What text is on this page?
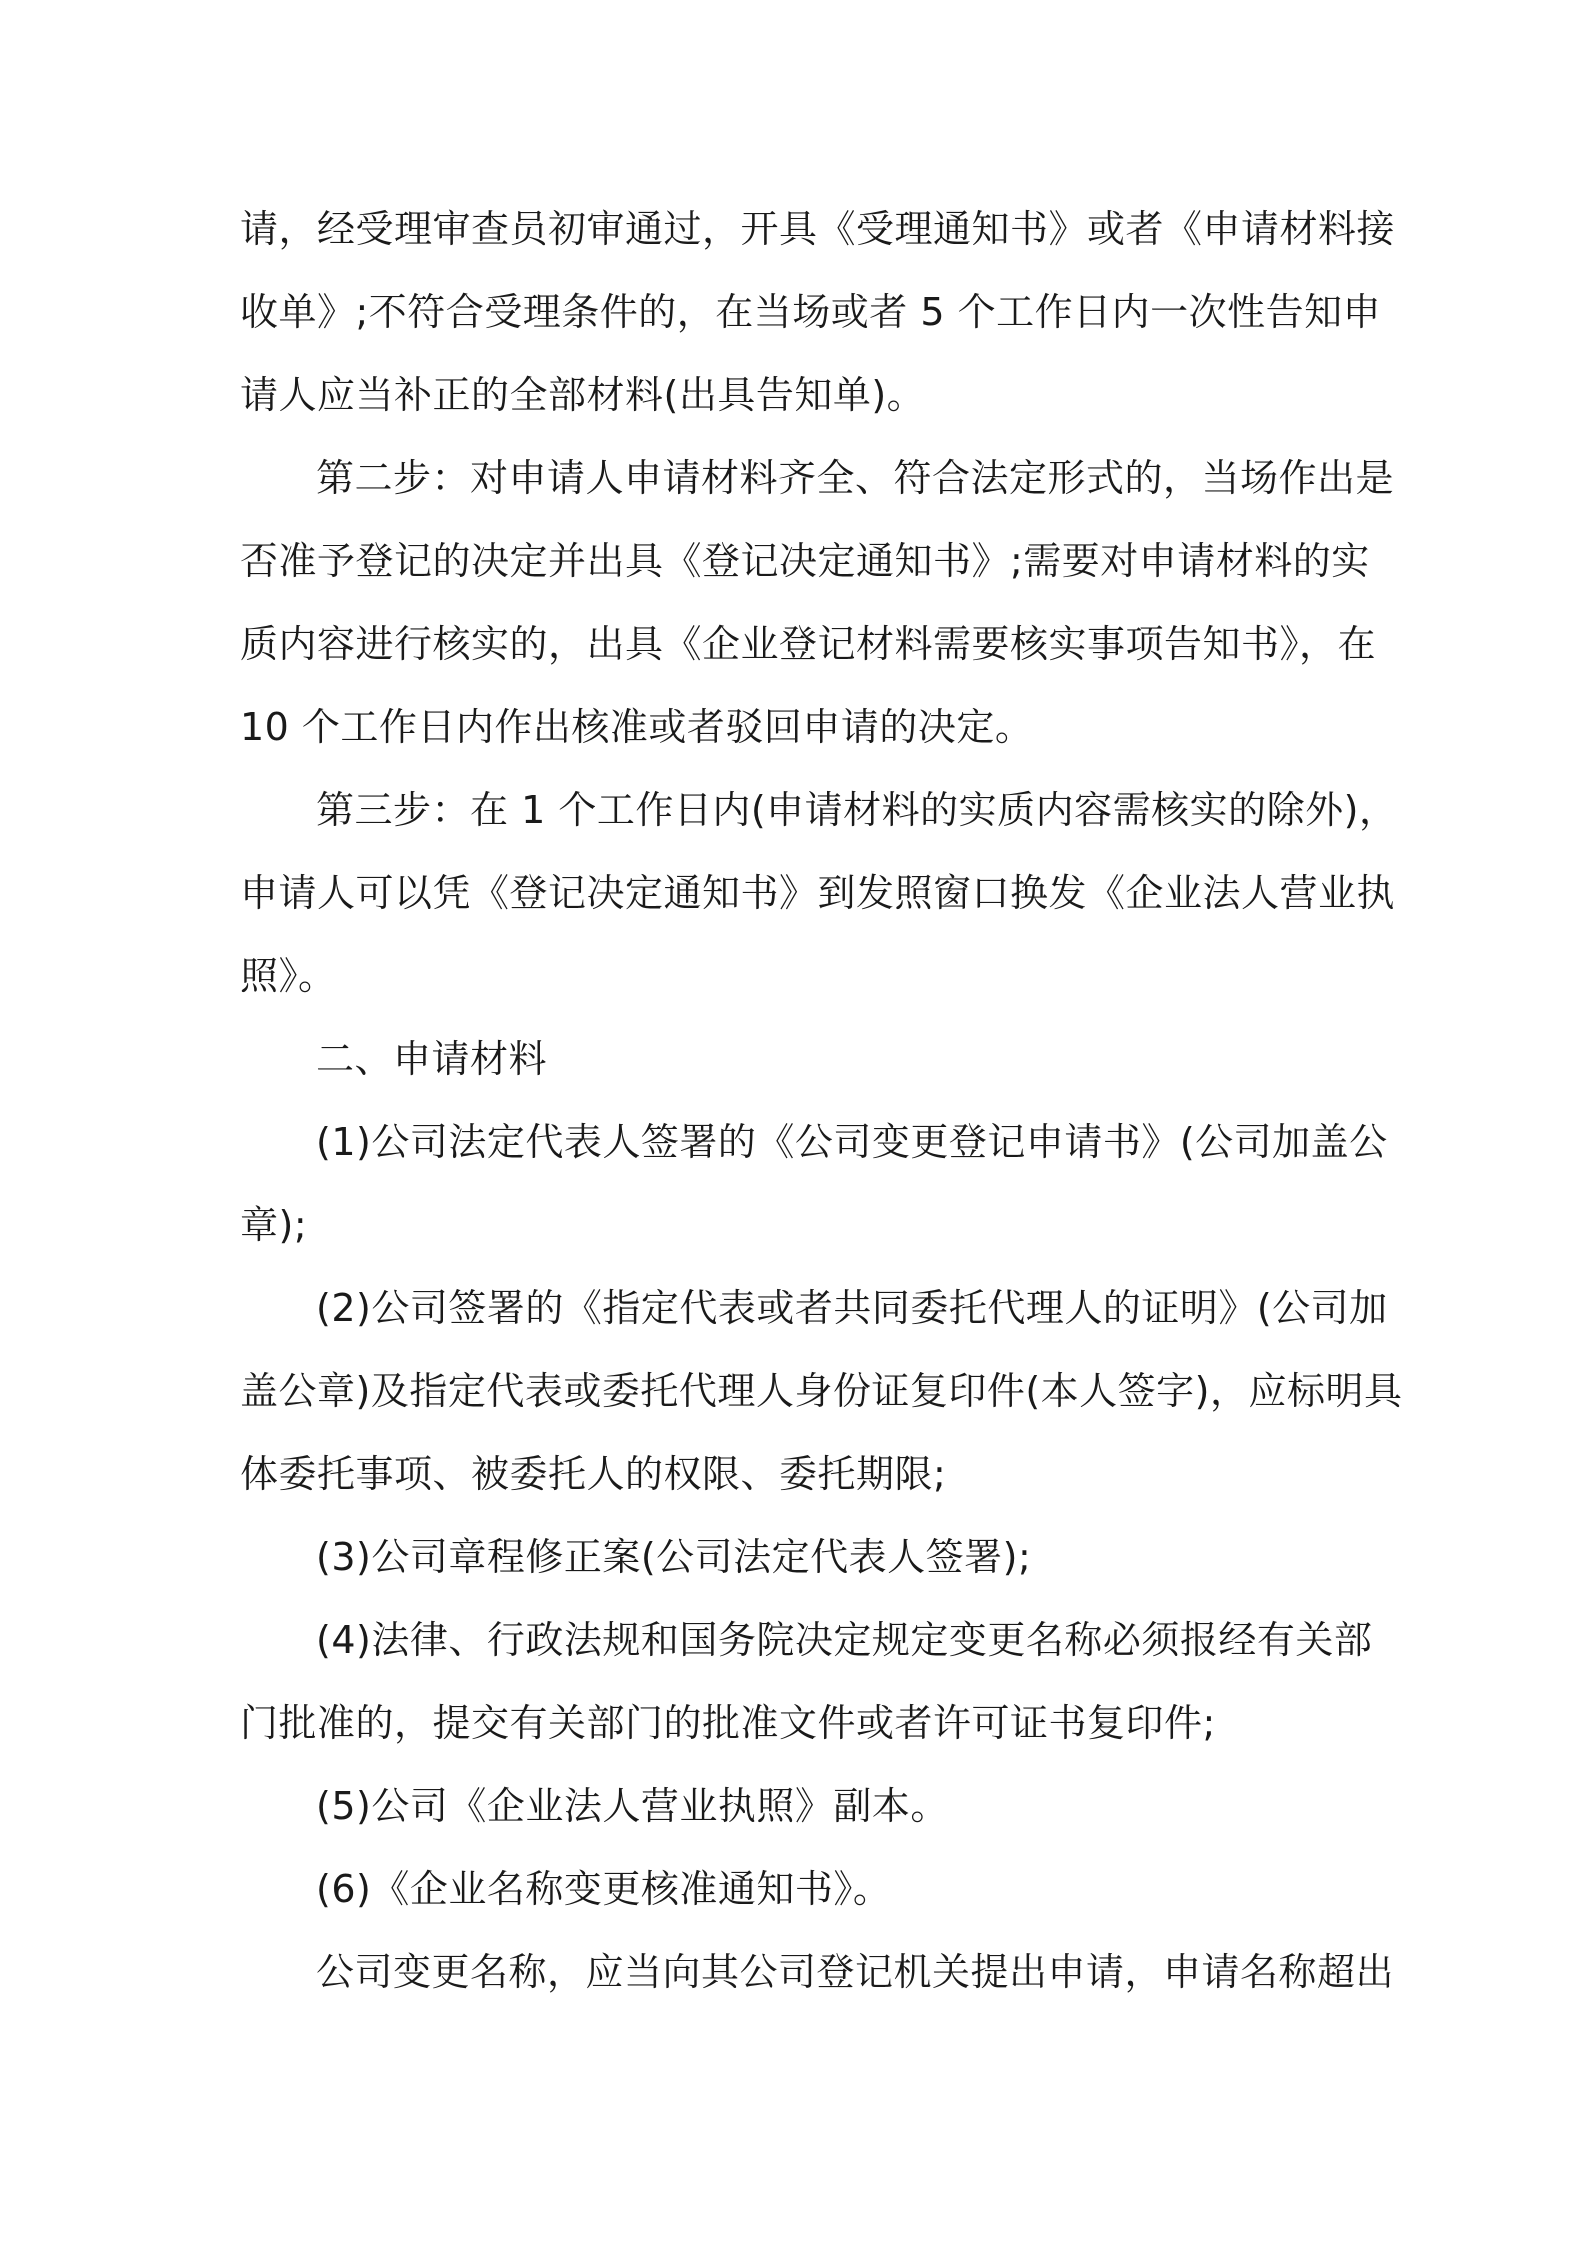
请，经受理审查员初审通过，开具《受理通知书》或者《申请材料接
收单》;不符合受理条件的，在当场或者 5 个工作日内一次性告知申
请人应当补正的全部材料(出具告知单)。
第二步：对申请人申请材料齐全、符合法定形式的，当场作出是
否准予登记的决定并出具《登记决定通知书》;需要对申请材料的实
质内容进行核实的，出具《企业登记材料需要核实事项告知书》，在
10 个工作日内作出核准或者驳回申请的决定。
第三步：在 1 个工作日内(申请材料的实质内容需核实的除外)，
申请人可以凭《登记决定通知书》到发照窗口换发《企业法人营业执
照》。
二、申请材料
(1)公司法定代表人签署的《公司变更登记申请书》(公司加盖公
章);
(2)公司签署的《指定代表或者共同委托代理人的证明》(公司加
盖公章)及指定代表或委托代理人身份证复印件(本人签字)，应标明具
体委托事项、被委托人的权限、委托期限;
(3)公司章程修正案(公司法定代表人签署);
(4)法律、行政法规和国务院决定规定变更名称必须报经有关部
门批准的，提交有关部门的批准文件或者许可证书复印件;
(5)公司《企业法人营业执照》副本。
(6)《企业名称变更核准通知书》。
公司变更名称，应当向其公司登记机关提出申请，申请名称超出
